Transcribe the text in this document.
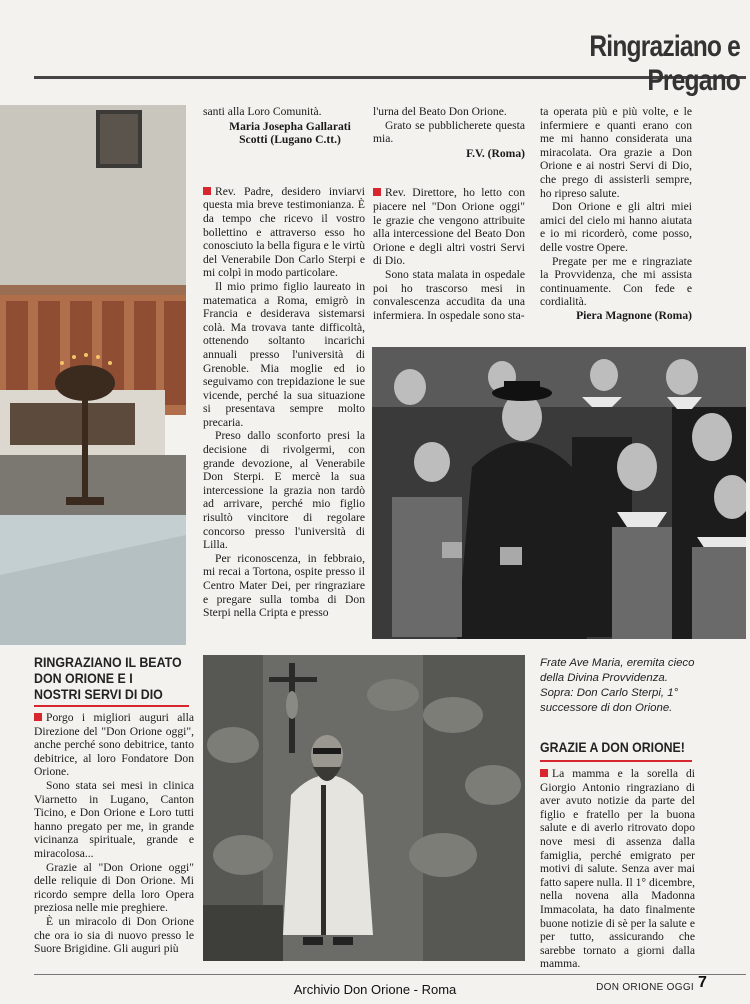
Ringraziano e Pregano

santi alla Loro Comunità.

Maria Josepha Gallarati

Scotti (Lugano C.tt.)

Rev. Padre, desidero inviarvi questa mia breve testimonianza. È da tempo che ricevo il vostro bollettino e attraverso esso ho conosciuto la bella figura e le virtù del Venerabile Don Carlo Sterpi e mi colpì in modo particolare.

Il mio primo figlio laureato in matematica a Roma, emigrò in Francia e desiderava sistemarsi colà. Ma trovava tante difficoltà, ottenendo soltanto incarichi annuali presso l'università di Grenoble. Mia moglie ed io seguivamo con trepidazione le sue vicende, perché la sua situazione si presentava sempre molto precaria.

Preso dallo sconforto presi la decisione di rivolgermi, con grande devozione, al Venerabile Don Sterpi. E mercè la sua intercessione la grazia non tardò ad arrivare, perché mio figlio risultò vincitore di regolare concorso presso l'università di Lilla.

Per riconoscenza, in febbraio, mi recai a Tortona, ospite presso il Centro Mater Dei, per ringraziare e pregare sulla tomba di Don Sterpi nella Cripta e presso

l'urna del Beato Don Orione.

Grato se pubblicherete questa mia.

F.V. (Roma)

Rev. Direttore, ho letto con piacere nel "Don Orione oggi" le grazie che vengono attribuite alla intercessione del Beato Don Orione e degli altri vostri Servi di Dio.

Sono stata malata in ospedale poi ho trascorso mesi in convalescenza accudita da una infermiera. In ospedale sono sta-

ta operata più e più volte, e le infermiere e quanti erano con me mi hanno considerata una miracolata. Ora grazie a Don Orione e ai nostri Servi di Dio, che prego di assisterli sempre, ho ripreso salute.

Don Orione e gli altri miei amici del cielo mi hanno aiutata e io mi ricorderò, come posso, delle vostre Opere.

Pregate per me e ringraziate la Provvidenza, che mi assista continuamente. Con fede e cordialità.

Piera Magnone (Roma)

RINGRAZIANO IL BEATO
DON ORIONE E I
NOSTRI SERVI DI DIO

Porgo i migliori auguri alla Direzione del "Don Orione oggi", anche perché sono debitrice, tanto debitrice, al loro Fondatore Don Orione.

Sono stata sei mesi in clinica Viarnetto in Lugano, Canton Ticino, e Don Orione e Loro tutti hanno pregato per me, in grande vicinanza spirituale, grande e miracolosa...

Grazie al "Don Orione oggi" delle reliquie di Don Orione. Mi ricordo sempre della loro Opera preziosa nelle mie preghiere.

È un miracolo di Don Orione che ora io sia di nuovo presso le Suore Brigidine. Gli auguri più

Frate Ave Maria, eremita cieco della Divina Provvidenza. Sopra: Don Carlo Sterpi, 1° successore di don Orione.
GRAZIE A DON ORIONE!

La mamma e la sorella di Giorgio Antonio ringraziano di aver avuto notizie da parte del figlio e fratello per la buona salute e di averlo ritrovato dopo nove mesi di assenza dalla famiglia, perché emigrato per motivi di salute. Senza aver mai fatto sapere nulla. Il 1° dicembre, nella novena alla Madonna Immacolata, ha dato finalmente buone notizie di sè per la salute e per tutto, assicurando che sarebbe tornato a giorni dalla mamma.

Archivio Don Orione - Roma	DON ORIONE OGGI 7
